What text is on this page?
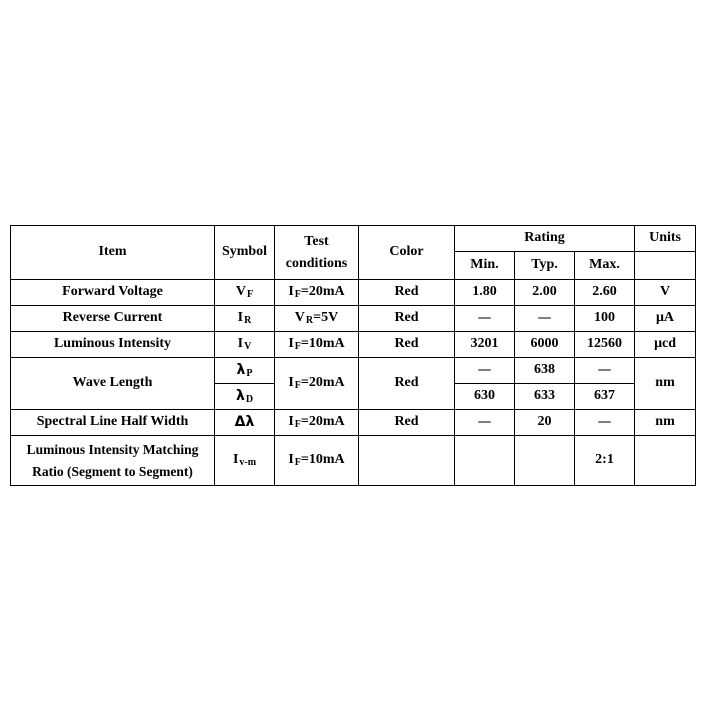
Item	Symbol	Test
conditions	Color	Rating			Units
				Min.	Typ.	Max.	
Forward Voltage	$V_F$	$I_F=20mA$	Red	1.80	2.00	2.60	V
Reverse Current	$I_R$	$V_R=5V$	Red	—	—	100	μA
Luminous Intensity	$I_V$	$I_F=10mA$	Red	3201	6000	12560	μcd
Wave Length	$\lambda_P$	$I_F=20mA$	Red	—	638	—	nm
	$\lambda_D$			630	633	637	
Spectral Line Half Width	Δλ	$I_F=20mA$	Red	—	20	—	nm
Luminous Intensity Matching
Ratio (Segment to Segment)	$I_{v-m}$	$I_F=10mA$				2:1	
